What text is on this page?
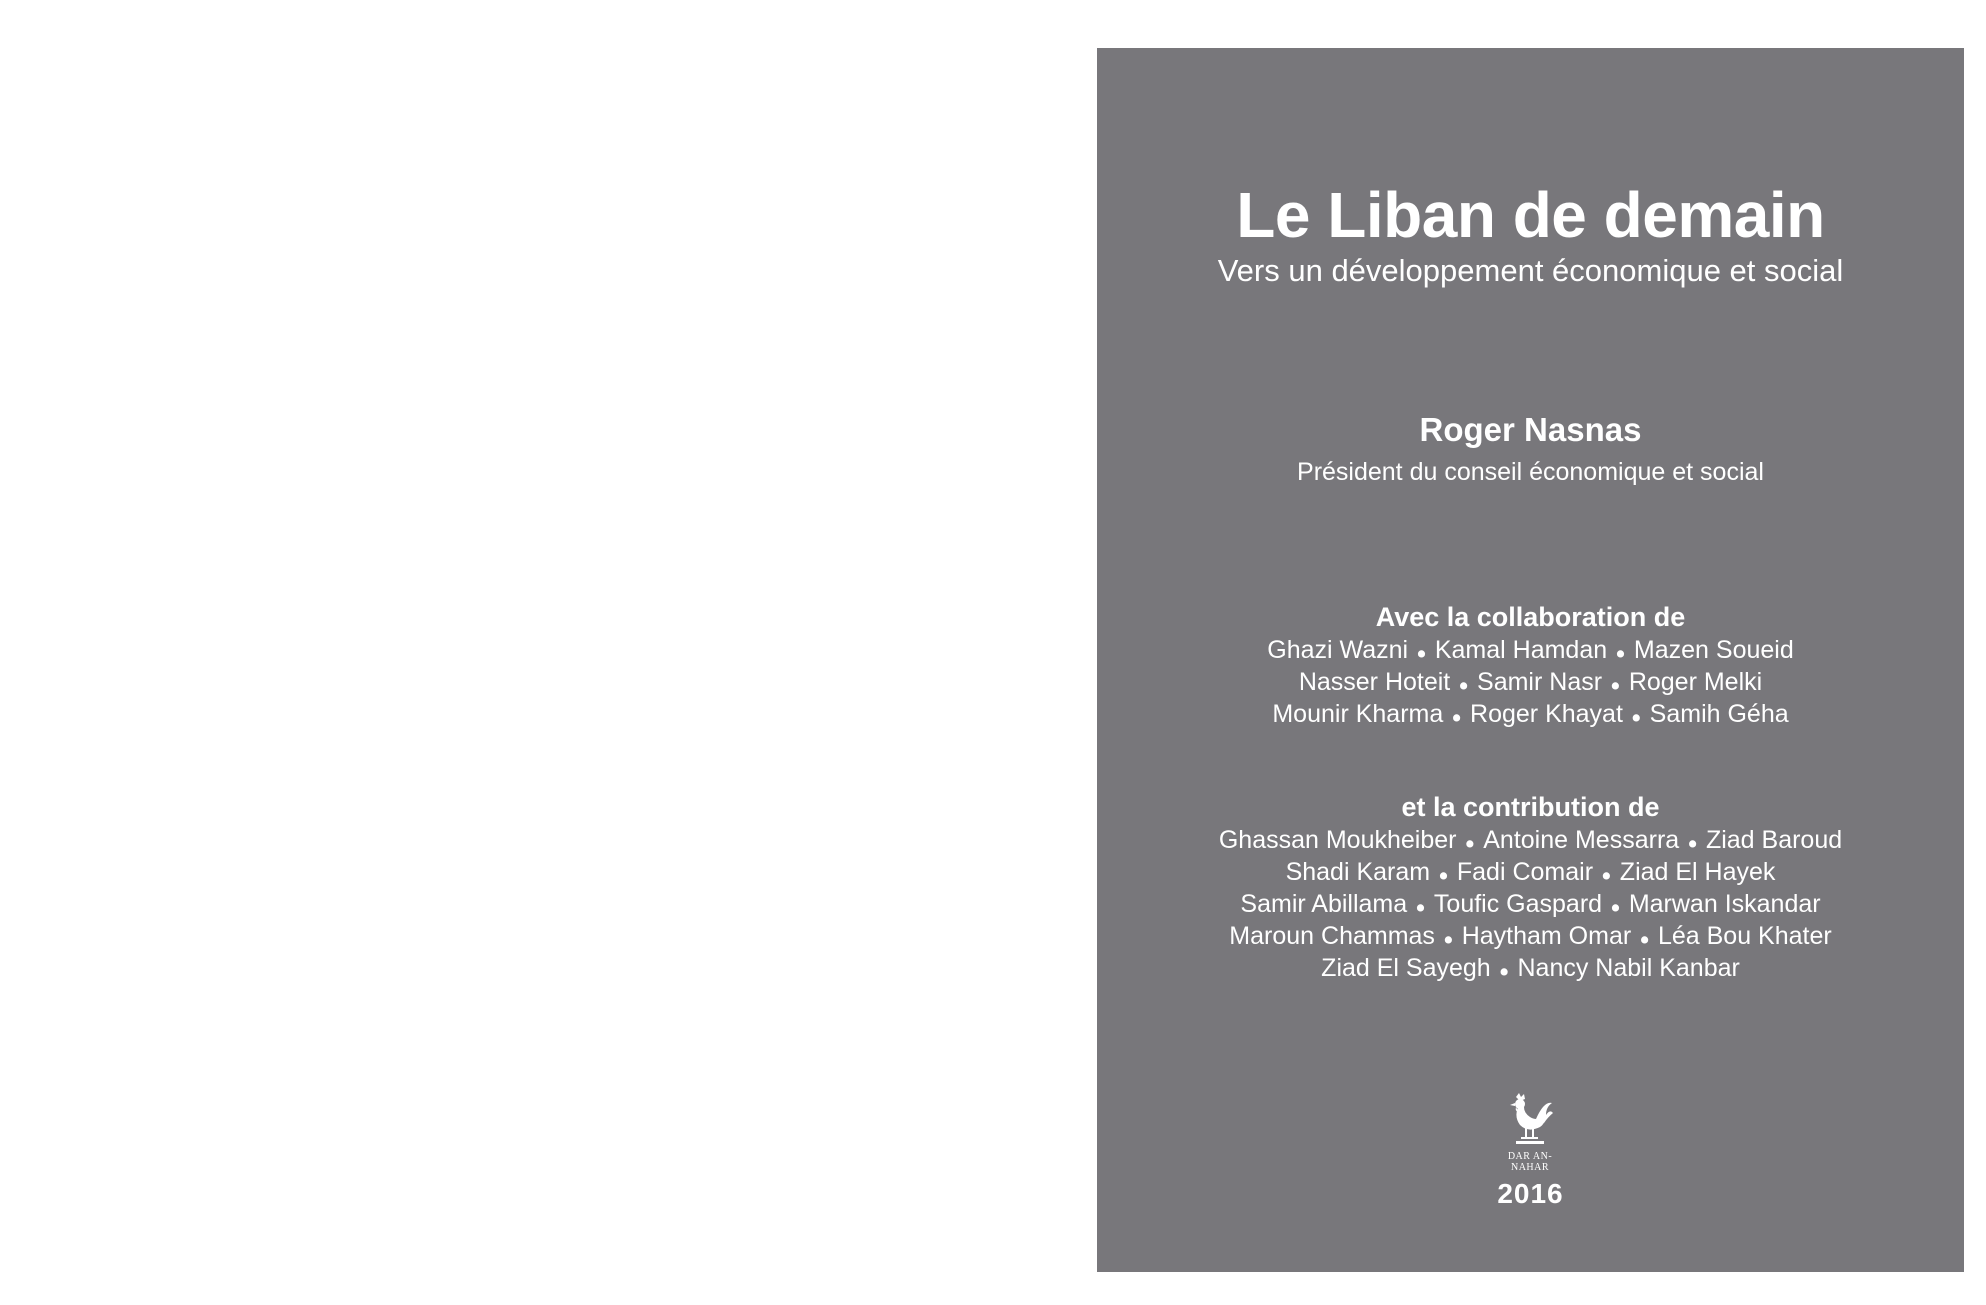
Le Liban de demain
Vers un développement économique et social
Roger Nasnas
Président du conseil économique et social
Avec la collaboration de
Ghazi Wazni • Kamal Hamdan • Mazen Soueid
Nasser Hoteit • Samir Nasr • Roger Melki
Mounir Kharma • Roger Khayat • Samih Géha
et la contribution de
Ghassan Moukheiber • Antoine Messarra • Ziad Baroud
Shadi Karam • Fadi Comair • Ziad El Hayek
Samir Abillama • Toufic Gaspard • Marwan Iskandar
Maroun Chammas • Haytham Omar • Léa Bou Khater
Ziad El Sayegh • Nancy Nabil Kanbar
DAR AN-NAHAR
2016
